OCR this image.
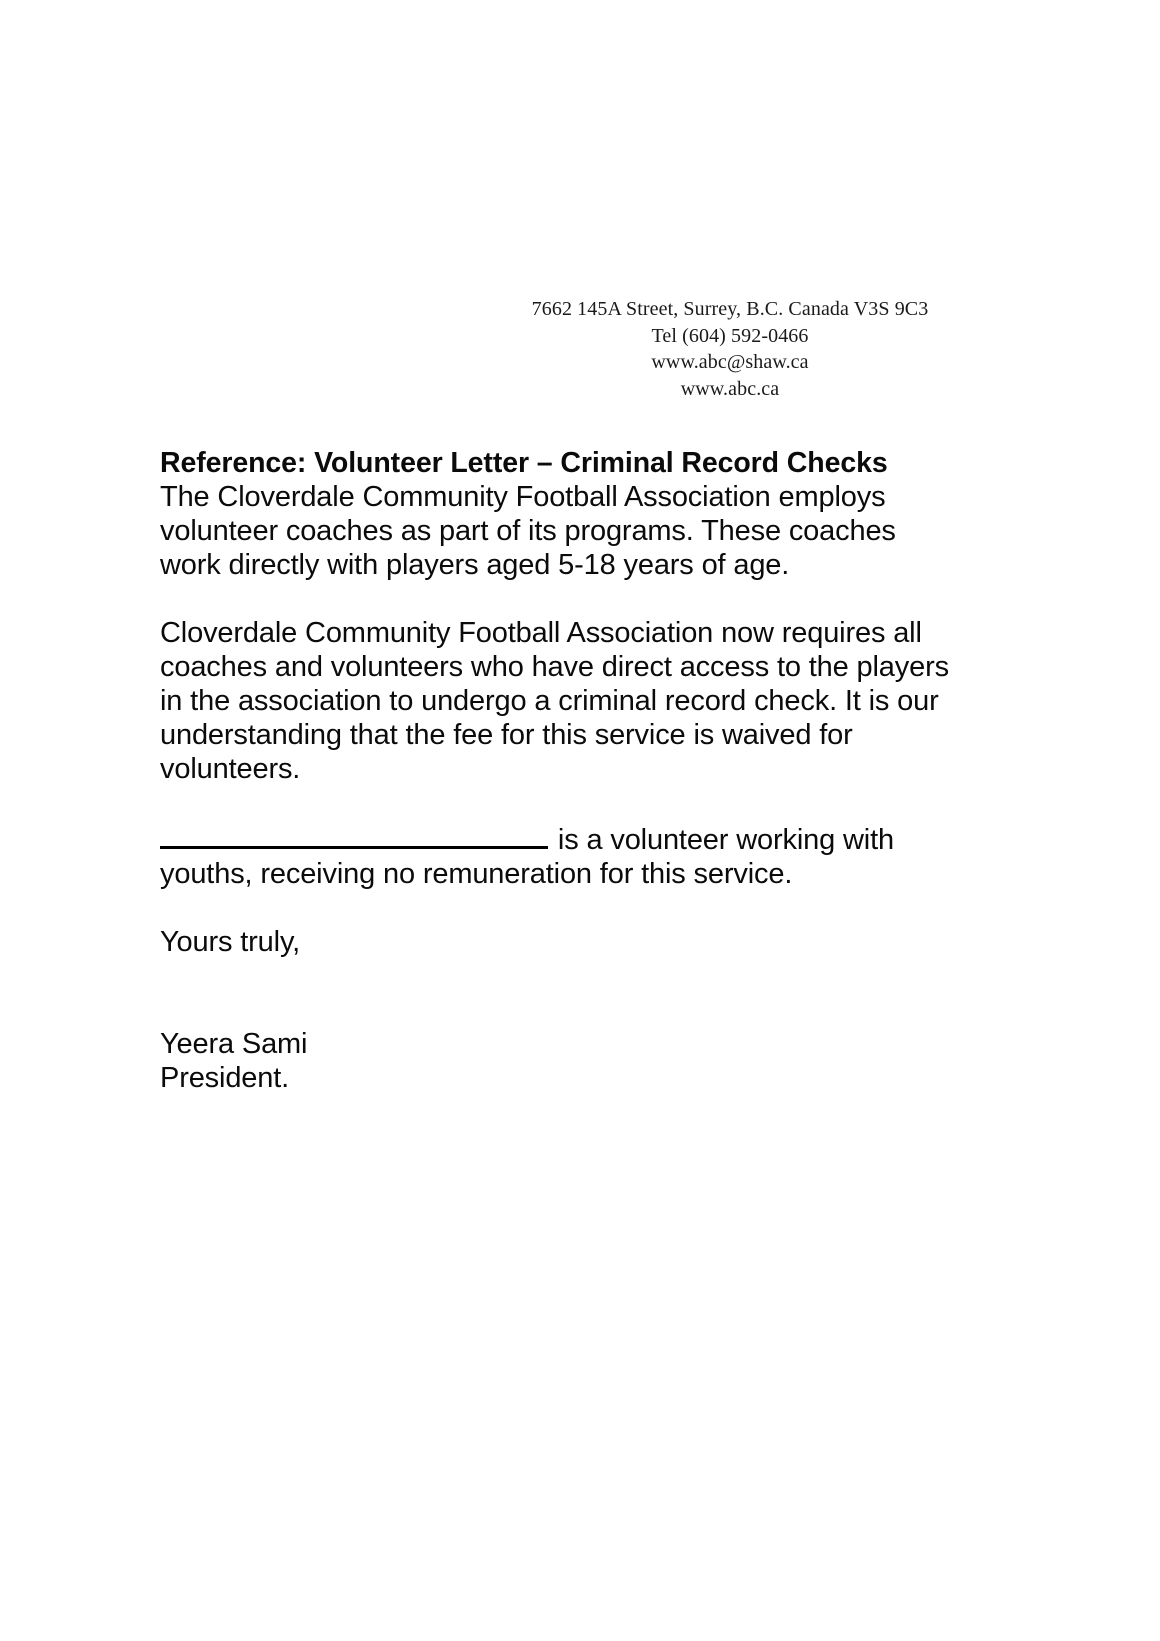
7662 145A Street, Surrey, B.C. Canada V3S 9C3
Tel (604) 592-0466
www.abc@shaw.ca
www.abc.ca

Reference: Volunteer Letter – Criminal Record Checks

The Cloverdale Community Football Association employs volunteer coaches as part of its programs. These coaches work directly with players aged 5-18 years of age.

Cloverdale Community Football Association now requires all coaches and volunteers who have direct access to the players in the association to undergo a criminal record check. It is our understanding that the fee for this service is waived for volunteers.

is a volunteer working with youths, receiving no remuneration for this service.

Yours truly,

Yeera Sami

President.
